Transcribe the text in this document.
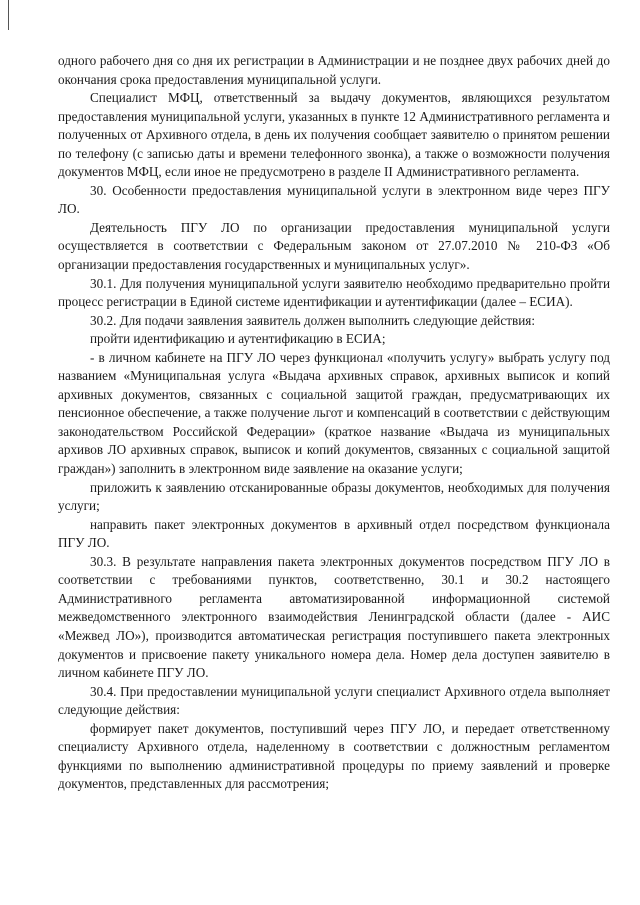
одного рабочего дня со дня их регистрации в Администрации и не позднее двух рабочих дней до окончания срока предоставления муниципальной услуги.

Специалист МФЦ, ответственный за выдачу документов, являющихся результатом предоставления муниципальной услуги, указанных в пункте 12 Административного регламента и полученных от Архивного отдела, в день их получения сообщает заявителю о принятом решении по телефону (с записью даты и времени телефонного звонка), а также о возможности получения документов МФЦ, если иное не предусмотрено в разделе II Административного регламента.

30. Особенности предоставления муниципальной услуги в электронном виде через ПГУ ЛО.

Деятельность ПГУ ЛО по организации предоставления муниципальной услуги осуществляется в соответствии с Федеральным законом от 27.07.2010 № 210-ФЗ «Об организации предоставления государственных и муниципальных услуг».

30.1. Для получения муниципальной услуги заявителю необходимо предварительно пройти процесс регистрации в Единой системе идентификации и аутентификации (далее – ЕСИА).

30.2. Для подачи заявления заявитель должен выполнить следующие действия:

пройти идентификацию и аутентификацию в ЕСИА;

- в личном кабинете на ПГУ ЛО через функционал «получить услугу» выбрать услугу под названием «Муниципальная услуга «Выдача архивных справок, архивных выписок и копий архивных документов, связанных с социальной защитой граждан, предусматривающих их пенсионное обеспечение, а также получение льгот и компенсаций в соответствии с действующим законодательством Российской Федерации» (краткое название «Выдача из муниципальных архивов ЛО архивных справок, выписок и копий документов, связанных с социальной защитой граждан») заполнить в электронном виде заявление на оказание услуги;

приложить к заявлению отсканированные образы документов, необходимых для получения услуги;

направить пакет электронных документов в архивный отдел посредством функционала ПГУ ЛО.

30.3. В результате направления пакета электронных документов посредством ПГУ ЛО в соответствии с требованиями пунктов, соответственно, 30.1 и 30.2 настоящего Административного регламента автоматизированной информационной системой межведомственного электронного взаимодействия Ленинградской области (далее - АИС «Межвед ЛО»), производится автоматическая регистрация поступившего пакета электронных документов и присвоение пакету уникального номера дела. Номер дела доступен заявителю в личном кабинете ПГУ ЛО.

30.4. При предоставлении муниципальной услуги специалист Архивного отдела выполняет следующие действия:

формирует пакет документов, поступивший через ПГУ ЛО, и передает ответственному специалисту Архивного отдела, наделенному в соответствии с должностным регламентом функциями по выполнению административной процедуры по приему заявлений и проверке документов, представленных для рассмотрения;
